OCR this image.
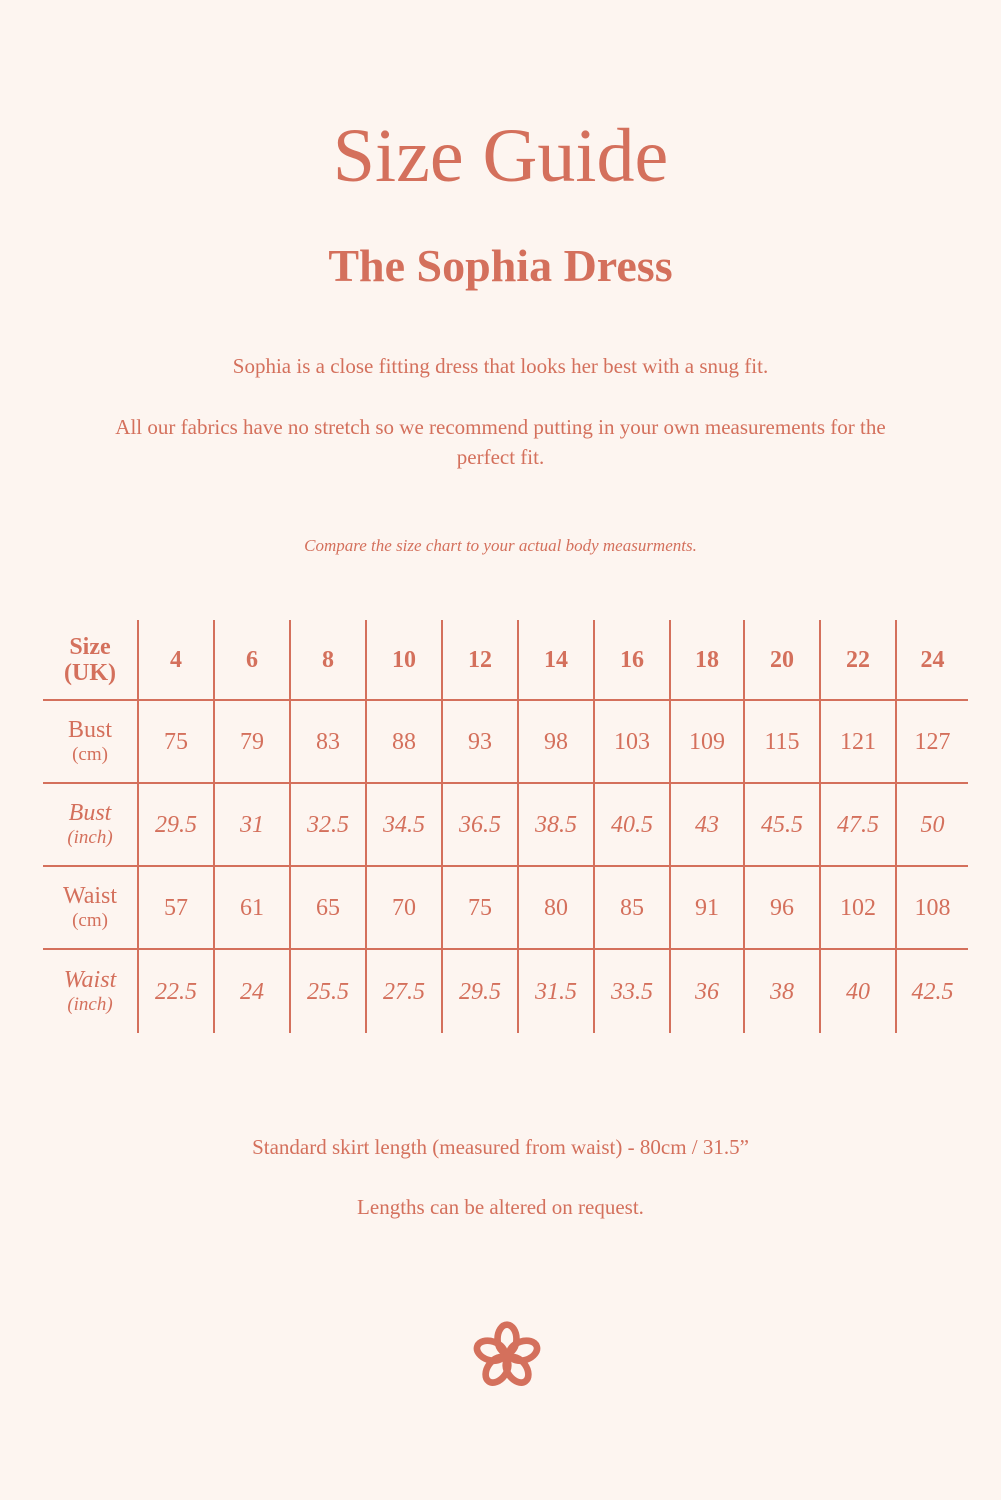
Size Guide
The Sophia Dress

Sophia is a close fitting dress that looks her best with a snug fit.

All our fabrics have no stretch so we recommend putting in your own measurements for the perfect fit.

Compare the size chart to your actual body measurments.

Size
(UK)	4	6	8	10	12	14	16	18	20	22	24
Bust
(cm)	75	79	83	88	93	98	103	109	115	121	127
Bust
(inch)	29.5	31	32.5	34.5	36.5	38.5	40.5	43	45.5	47.5	50
Waist
(cm)	57	61	65	70	75	80	85	91	96	102	108
Waist
(inch)	22.5	24	25.5	27.5	29.5	31.5	33.5	36	38	40	42.5

Standard skirt length (measured from waist) - 80cm / 31.5”

Lengths can be altered on request.
